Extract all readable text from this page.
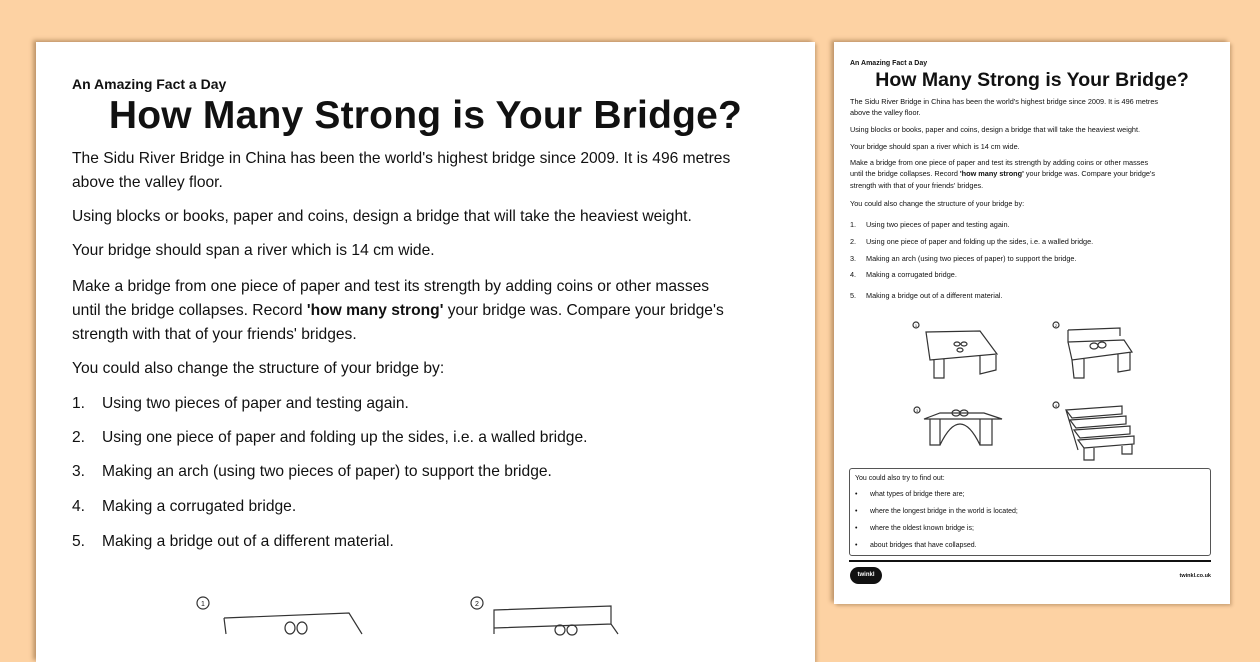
An Amazing Fact a Day
How Many Strong is Your Bridge?
The Sidu River Bridge in China has been the world's highest bridge since 2009. It is 496 metres
above the valley floor.
Using blocks or books, paper and coins, design a bridge that will take the heaviest weight.
Your bridge should span a river which is 14 cm wide.
Make a bridge from one piece of paper and test its strength by adding coins or other masses
until the bridge collapses. Record 'how many strong' your bridge was. Compare your bridge's
strength with that of your friends' bridges.
You could also change the structure of your bridge by:
1. Using two pieces of paper and testing again.
2. Using one piece of paper and folding up the sides, i.e. a walled bridge.
3. Making an arch (using two pieces of paper) to support the bridge.
4. Making a corrugated bridge.
5. Making a bridge out of a different material.
1	2
An Amazing Fact a Day
How Many Strong is Your Bridge?
The Sidu River Bridge in China has been the world's highest bridge since 2009. It is 496 metres
above the valley floor.
Using blocks or books, paper and coins, design a bridge that will take the heaviest weight.
Your bridge should span a river which is 14 cm wide.
Make a bridge from one piece of paper and test its strength by adding coins or other masses
until the bridge collapses. Record 'how many strong' your bridge was. Compare your bridge's
strength with that of your friends' bridges.
You could also change the structure of your bridge by:
1. Using two pieces of paper and testing again.
2. Using one piece of paper and folding up the sides, i.e. a walled bridge.
3. Making an arch (using two pieces of paper) to support the bridge.
4. Making a corrugated bridge.
5. Making a bridge out of a different material.
1	2
3
4
You could also try to find out:
• what types of bridge there are;
• where the longest bridge in the world is located;
• where the oldest known bridge is;
• about bridges that have collapsed.
twinkl	twinkl.co.uk
